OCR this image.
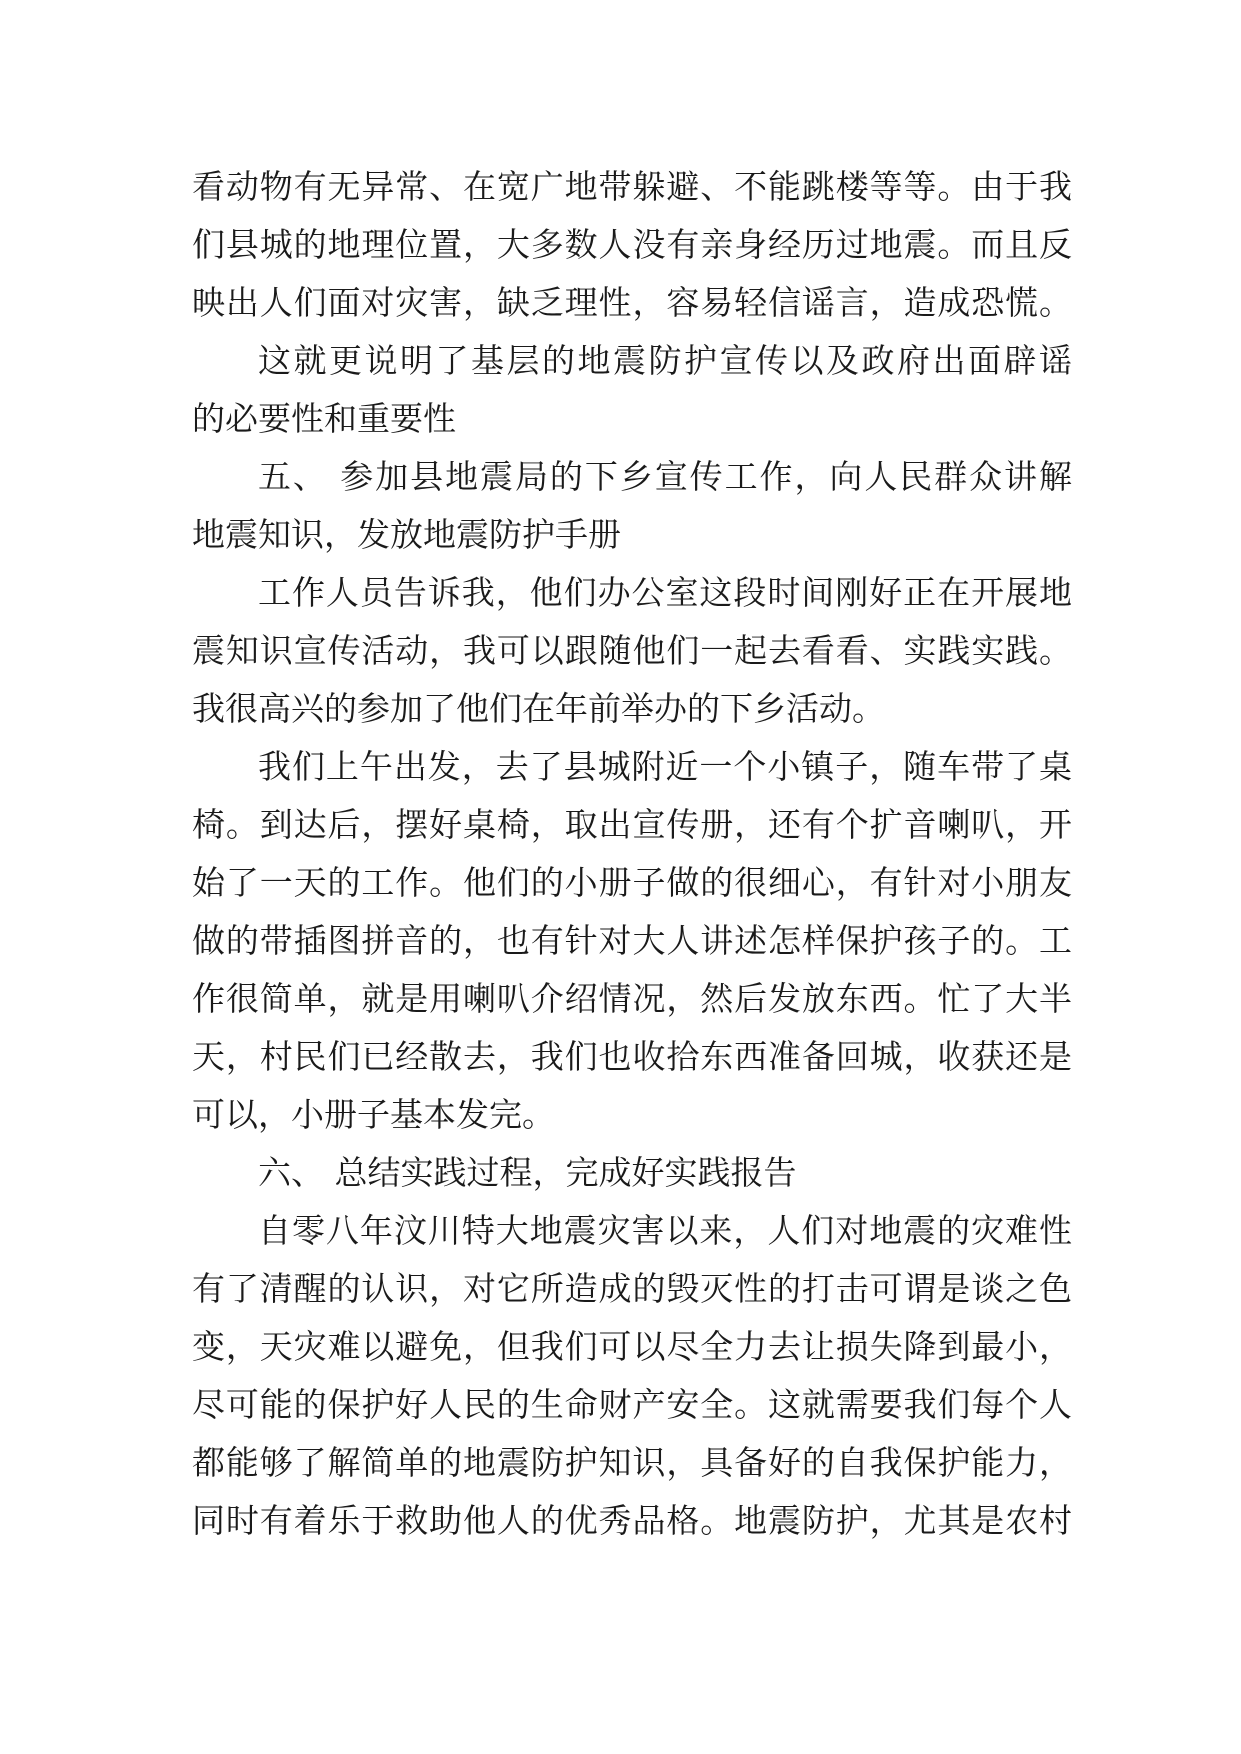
看动物有无异常、在宽广地带躲避、不能跳楼等等。由于我
们县城的地理位置，大多数人没有亲身经历过地震。而且反
映出人们面对灾害，缺乏理性，容易轻信谣言，造成恐慌。
这就更说明了基层的地震防护宣传以及政府出面辟谣
的必要性和重要性
五、 参加县地震局的下乡宣传工作，向人民群众讲解
地震知识，发放地震防护手册
工作人员告诉我，他们办公室这段时间刚好正在开展地
震知识宣传活动，我可以跟随他们一起去看看、实践实践。
我很高兴的参加了他们在年前举办的下乡活动。
我们上午出发，去了县城附近一个小镇子，随车带了桌
椅。到达后，摆好桌椅，取出宣传册，还有个扩音喇叭，开
始了一天的工作。他们的小册子做的很细心，有针对小朋友
做的带插图拼音的，也有针对大人讲述怎样保护孩子的。工
作很简单，就是用喇叭介绍情况，然后发放东西。忙了大半
天，村民们已经散去，我们也收拾东西准备回城，收获还是
可以，小册子基本发完。
六、 总结实践过程，完成好实践报告
自零八年汶川特大地震灾害以来，人们对地震的灾难性
有了清醒的认识，对它所造成的毁灭性的打击可谓是谈之色
变，天灾难以避免，但我们可以尽全力去让损失降到最小，
尽可能的保护好人民的生命财产安全。这就需要我们每个人
都能够了解简单的地震防护知识，具备好的自我保护能力，
同时有着乐于救助他人的优秀品格。地震防护，尤其是农村
